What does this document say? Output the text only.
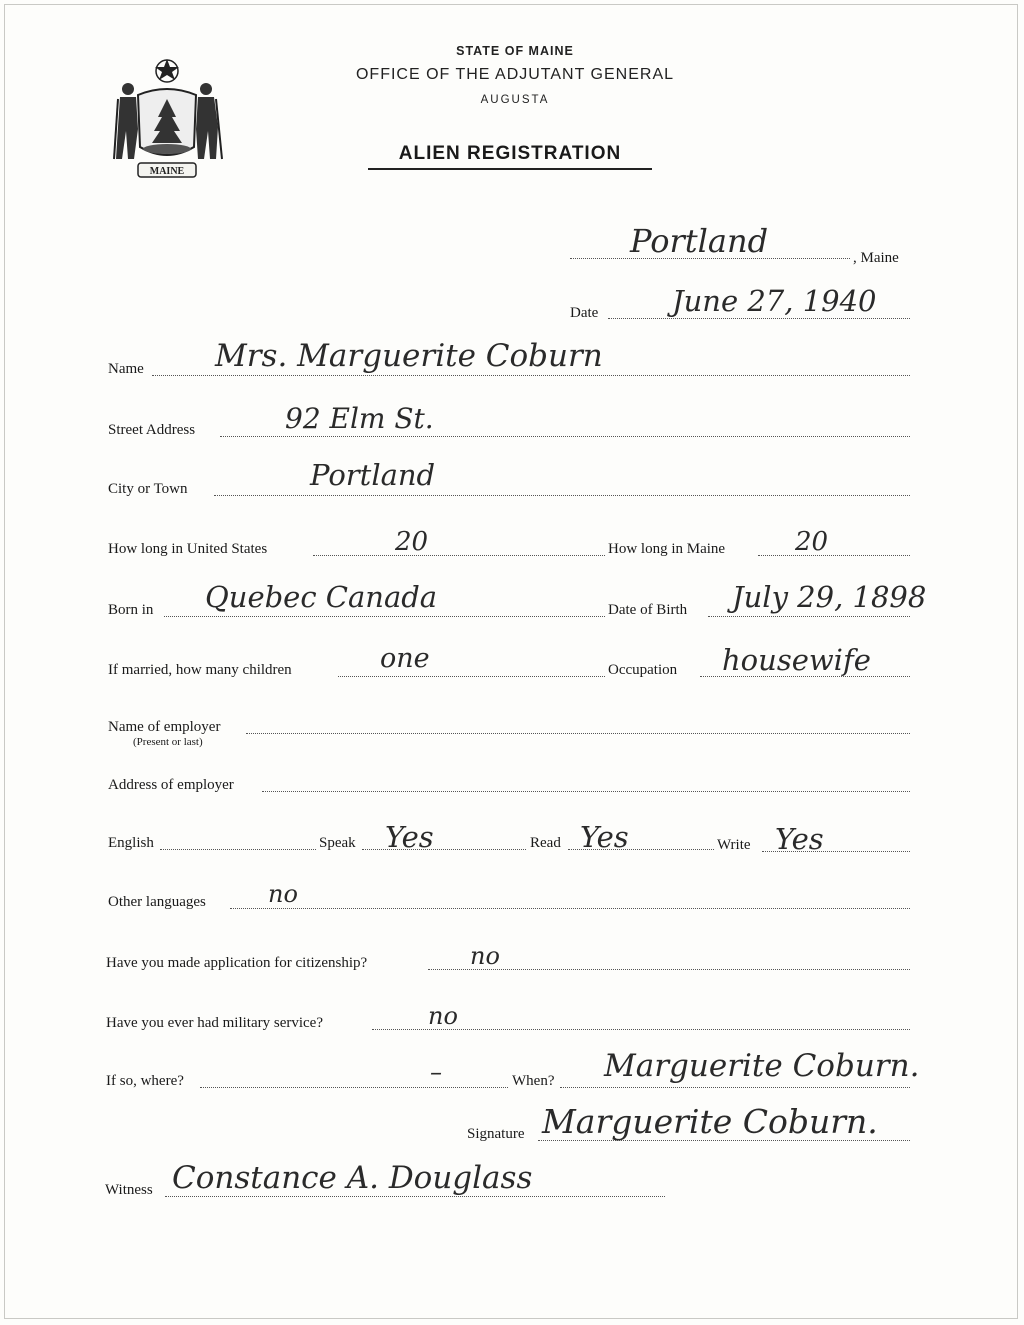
MAINE
STATE OF MAINE
OFFICE OF THE ADJUTANT GENERAL
AUGUSTA
ALIEN REGISTRATION
Portland	, Maine
Date	June 27, 1940
Name Mrs. Marguerite Coburn
Street Address	92 Elm St.
City or Town	Portland
How long in United States	20	How long in Maine	20
Born in Quebec Canada	Date of Birth July 29, 1898
If married, how many children	one	Occupation housewife
Name of employer
(Present or last)
Address of employer
English	Speak Yes	Read Yes	Write Yes
Other languages	no
Have you made application for citizenship?	no
Have you ever had military service?	no
If so, where?	–	When? Marguerite Coburn.
Signature Marguerite Coburn.
Witness Constance A. Douglass
